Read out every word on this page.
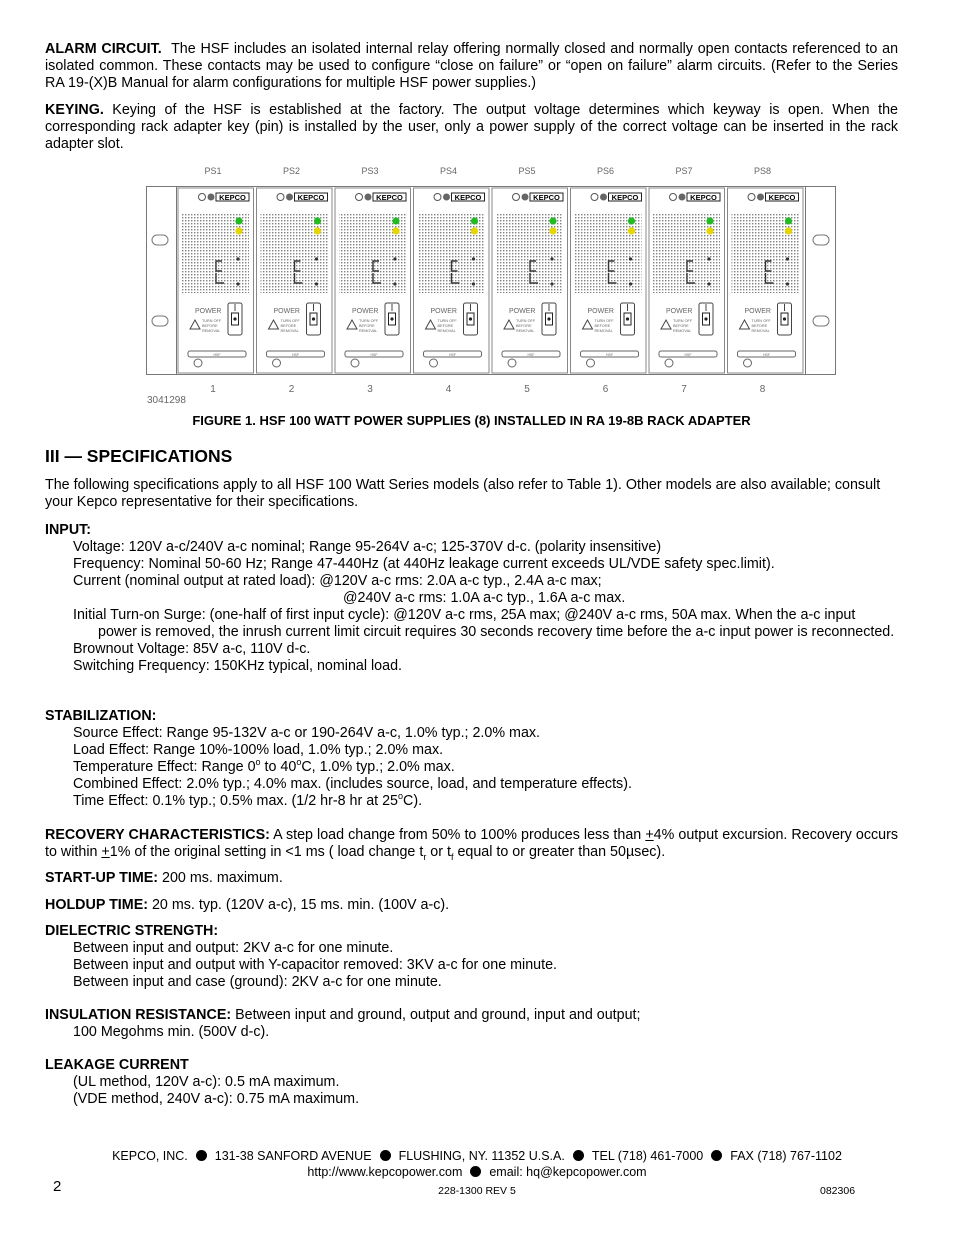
ALARM CIRCUIT. The HSF includes an isolated internal relay offering normally closed and normally open contacts referenced to an isolated common. These contacts may be used to configure “close on failure” or “open on failure” alarm circuits. (Refer to the Series RA 19-(X)B Manual for alarm configurations for multiple HSF power supplies.)

KEYING. Keying of the HSF is established at the factory. The output voltage determines which keyway is open. When the corresponding rack adapter key (pin) is installed by the user, only a power supply of the correct voltage can be inserted in the rack adapter slot.

PS1
1
KEPCO
POWER
TURN OFF
BEFORE
REMOVAL
HSF
PS2
2
KEPCO
POWER
TURN OFF
BEFORE
REMOVAL
HSF
PS3
3
KEPCO
POWER
TURN OFF
BEFORE
REMOVAL
HSF
PS4
4
KEPCO
POWER
TURN OFF
BEFORE
REMOVAL
HSF
PS5
5
KEPCO
POWER
TURN OFF
BEFORE
REMOVAL
HSF
PS6
6
KEPCO
POWER
TURN OFF
BEFORE
REMOVAL
HSF
PS7
7
KEPCO
POWER
TURN OFF
BEFORE
REMOVAL
HSF
PS8
8
KEPCO
POWER
TURN OFF
BEFORE
REMOVAL
HSF
3041298

FIGURE 1. HSF 100 WATT POWER SUPPLIES (8) INSTALLED IN RA 19-8B RACK ADAPTER

III — SPECIFICATIONS

The following specifications apply to all HSF 100 Watt Series models (also refer to Table 1). Other models are also available; consult your Kepco representative for their specifications.

INPUT:

Voltage: 120V a-c/240V a-c nominal; Range 95-264V a-c; 125-370V d-c. (polarity insensitive)

Frequency: Nominal 50-60 Hz; Range 47-440Hz (at 440Hz leakage current exceeds UL/VDE safety spec.limit).

Current (nominal output at rated load): @120V a-c rms: 2.0A a-c typ., 2.4A a-c max;

@240V a-c rms: 1.0A a-c typ., 1.6A a-c max.

Initial Turn-on Surge: (one-half of first input cycle): @120V a-c rms, 25A max; @240V a-c rms, 50A max. When the a-c input power is removed, the inrush current limit circuit requires 30 seconds recovery time before the a-c input power is reconnected.

Brownout Voltage: 85V a-c, 110V d-c.

Switching Frequency: 150KHz typical, nominal load.

STABILIZATION:

Source Effect: Range 95-132V a-c or 190-264V a-c, 1.0% typ.; 2.0% max.

Load Effect: Range 10%-100% load, 1.0% typ.; 2.0% max.

Temperature Effect: Range 0$^o$ to 40$^o$C, 1.0% typ.; 2.0% max.

Combined Effect: 2.0% typ.; 4.0% max. (includes source, load, and temperature effects).

Time Effect: 0.1% typ.; 0.5% max. (1/2 hr-8 hr at 25$^o$C).

RECOVERY CHARACTERISTICS: A step load change from 50% to 100% produces less than +4% output excursion. Recovery occurs to within +1% of the original setting in <1 ms ( load change $t_r$ or $t_f$ equal to or greater than 50µsec).

START-UP TIME: 200 ms. maximum.

HOLDUP TIME: 20 ms. typ. (120V a-c), 15 ms. min. (100V a-c).

DIELECTRIC STRENGTH:

Between input and output: 2KV a-c for one minute.

Between input and output with Y-capacitor removed: 3KV a-c for one minute.

Between input and case (ground): 2KV a-c for one minute.

INSULATION RESISTANCE: Between input and ground, output and ground, input and output;

100 Megohms min. (500V d-c).

LEAKAGE CURRENT

(UL method, 120V a-c): 0.5 mA maximum.

(VDE method, 240V a-c): 0.75 mA maximum.

KEPCO, INC. 131-38 SANFORD AVENUE FLUSHING, NY. 11352 U.S.A. TEL (718) 461-7000 FAX (718) 767-1102
http://www.kepcopower.com email: hq@kepcopower.com
2	228-1300 REV 5	082306
